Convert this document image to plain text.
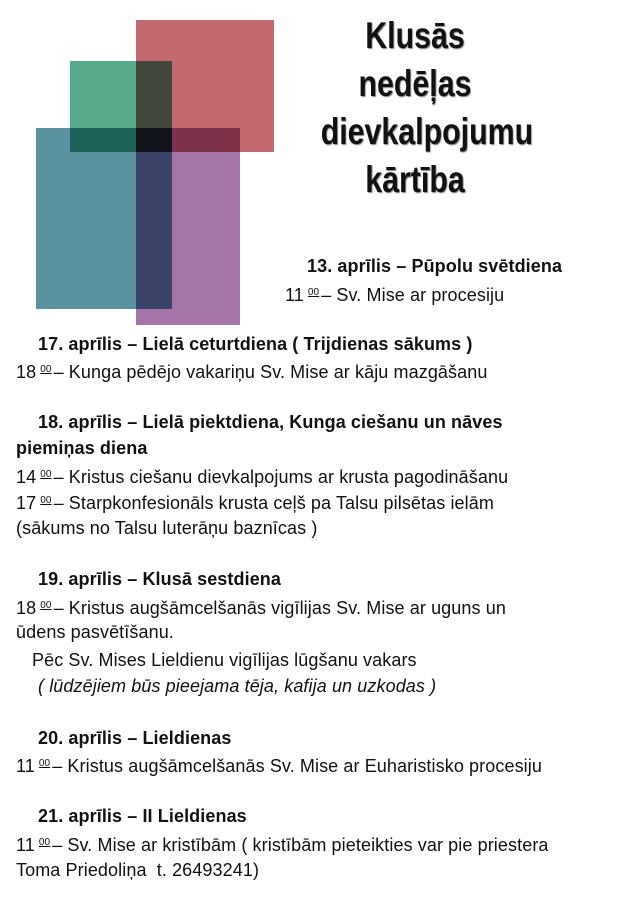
Klusās
nedēļas
dievkalpojumu
kārtība
13. aprīlis – Pūpolu svētdiena
11 $^{00}$ – Sv. Mise ar procesiju
17. aprīlis – Lielā ceturtdiena ( Trijdienas sākums )
18 $^{00}$ – Kunga pēdējo vakariņu Sv. Mise ar kāju mazgāšanu
18. aprīlis – Lielā piektdiena, Kunga ciešanu un nāves
piemiņas diena
14 $^{00}$ – Kristus ciešanu dievkalpojums ar krusta pagodināšanu
17 $^{00}$ – Starpkonfesionāls krusta ceļš pa Talsu pilsētas ielām
(sākums no Talsu luterāņu baznīcas )
19. aprīlis – Klusā sestdiena
18 $^{00}$ – Kristus augšāmcelšanās vigīlijas Sv. Mise ar uguns un
ūdens pasvētīšanu.
Pēc Sv. Mises Lieldienu vigīlijas lūgšanu vakars
( lūdzējiem būs pieejama tēja, kafija un uzkodas )
20. aprīlis – Lieldienas
11 $^{00}$ – Kristus augšāmcelšanās Sv. Mise ar Euharistisko procesiju
21. aprīlis – II Lieldienas
11 $^{00}$ – Sv. Mise ar kristībām ( kristībām pieteikties var pie priestera
Toma Priedoliņa  t. 26493241)
